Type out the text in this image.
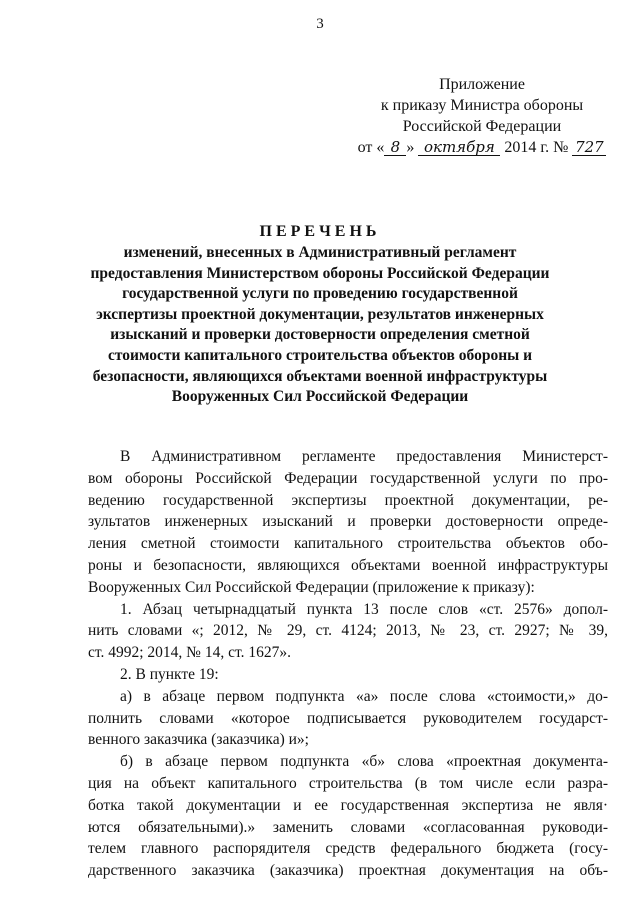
3
Приложение
к приказу Министра обороны
Российской Федерации
от « 8 » октября 2014 г. № 727
ПЕРЕЧЕНЬ
изменений, внесенных в Административный регламент
предоставления Министерством обороны Российской Федерации
государственной услуги по проведению государственной
экспертизы проектной документации, результатов инженерных
изысканий и проверки достоверности определения сметной
стоимости капитального строительства объектов обороны и
безопасности, являющихся объектами военной инфраструктуры
Вооруженных Сил Российской Федерации
В Административном регламенте предоставления Министерст-
вом обороны Российской Федерации государственной услуги по про-
ведению государственной экспертизы проектной документации, ре-
зультатов инженерных изысканий и проверки достоверности опреде-
ления сметной стоимости капитального строительства объектов обо-
роны и безопасности, являющихся объектами военной инфраструктуры
Вооруженных Сил Российской Федерации (приложение к приказу):
1. Абзац четырнадцатый пункта 13 после слов «ст. 2576» допол-
нить словами «; 2012, № 29, ст. 4124; 2013, № 23, ст. 2927; № 39,
ст. 4992; 2014, № 14, ст. 1627».
2. В пункте 19:
а) в абзаце первом подпункта «а» после слова «стоимости,» до-
полнить словами «которое подписывается руководителем государст-
венного заказчика (заказчика) и»;
б) в абзаце первом подпункта «б» слова «проектная документа-
ция на объект капитального строительства (в том числе если разра-
ботка такой документации и ее государственная экспертиза не явля·
ются обязательными).» заменить словами «согласованная руководи-
телем главного распорядителя средств федерального бюджета (госу-
дарственного заказчика (заказчика) проектная документация на объ-
